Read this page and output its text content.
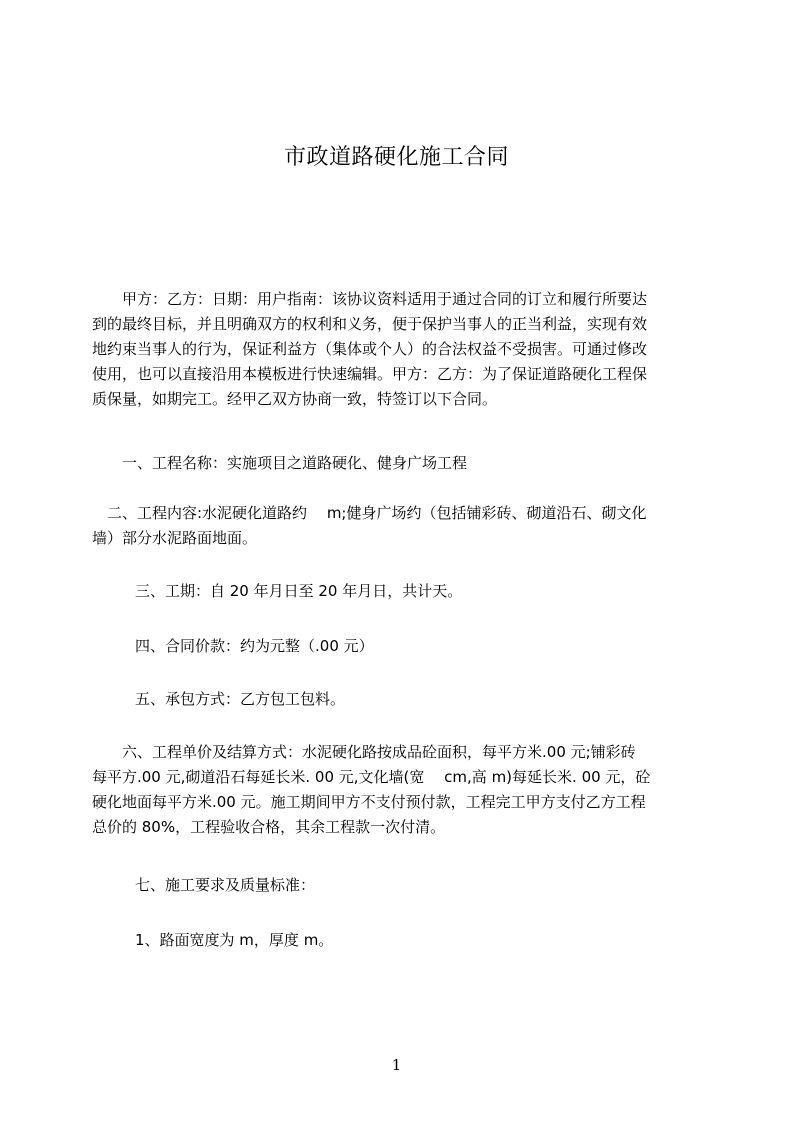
市政道路硬化施工合同
　　甲方：乙方：日期：用户指南：该协议资料适用于通过合同的订立和履行所要达
到的最终目标，并且明确双方的权利和义务，便于保护当事人的正当利益，实现有效
地约束当事人的行为，保证利益方（集体或个人）的合法权益不受损害。可通过修改
使用，也可以直接沿用本模板进行快速编辑。甲方：乙方：为了保证道路硬化工程保
质保量，如期完工。经甲乙双方协商一致，特签订以下合同。
一、工程名称：实施项目之道路硬化、健身广场工程
　二、工程内容:水泥硬化道路约　 m;健身广场约（包括铺彩砖、砌道沿石、砌文化
墙）部分水泥路面地面。
三、工期：自 20 年月日至 20 年月日，共计天。
四、合同价款：约为元整（.00 元）
五、承包方式：乙方包工包料。
　　六、工程单价及结算方式：水泥硬化路按成品砼面积，每平方米.00 元;铺彩砖
每平方.00 元,砌道沿石每延长米. 00 元,文化墙(宽　 cm,高 m)每延长米. 00 元，砼
硬化地面每平方米.00 元。施工期间甲方不支付预付款，工程完工甲方支付乙方工程
总价的 80%，工程验收合格，其余工程款一次付清。
七、施工要求及质量标准：
1、路面宽度为 m，厚度 m。
1
